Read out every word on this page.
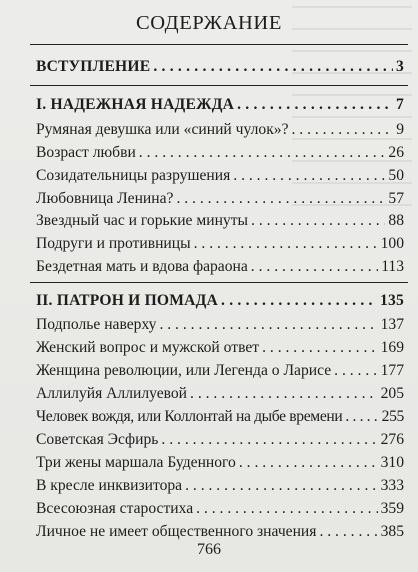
СОДЕРЖАНИЕ
ВСТУПЛЕНИЕ . . .	3
I. НАДЕЖНАЯ НАДЕЖДА . . .	7
Румяная девушка или «синий чулок»? . . .	9
Возраст любви . . .	26
Созидательницы разрушения . . .	50
Любовница Ленина? . . .	57
Звездный час и горькие минуты . . .	88
Подруги и противницы . . .	100
Бездетная мать и вдова фараона . . .	113
II. ПАТРОН И ПОМАДА . . .	135
Подполье наверху . . .	137
Женский вопрос и мужской ответ . . .	169
Женщина революции, или Легенда о Ларисе . . .	177
Аллилуйя Аллилуевой . . .	205
Человек вождя, или Коллонтай на дыбе времени . . .	255
Советская Эсфирь . . .	276
Три жены маршала Буденного . . .	310
В кресле инквизитора . . .	333
Всесоюзная старостиха . . .	359
Личное не имеет общественного значения . . .	385
766
